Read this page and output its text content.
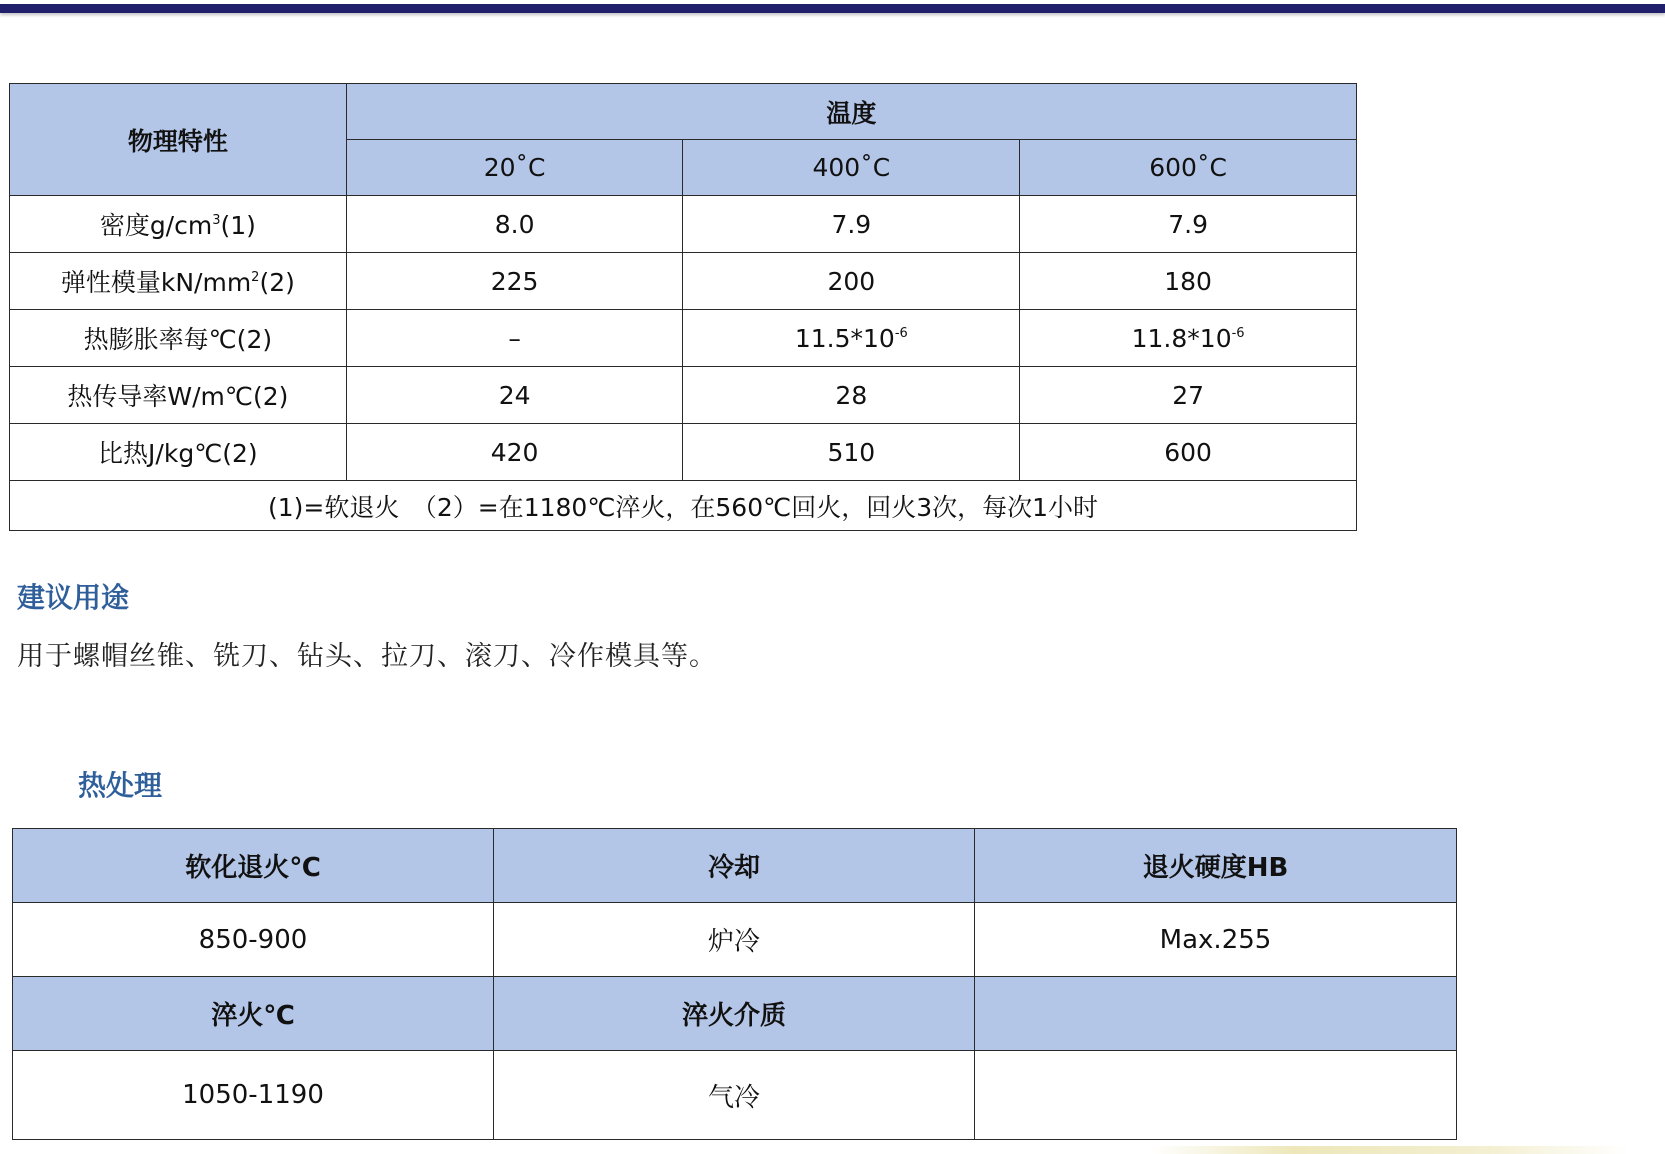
物理特性	温度		
	20˚C	400˚C	600˚C
密度$g/cm^3(1)$	8.0	7.9	7.9
弹性模量$kN/mm^2(2)$	225	200	180
热膨胀率每℃(2)	–	$11.5*10^{-6}$	$11.8*10^{-6}$
热传导率W/m℃(2)	24	28	27
比热J/kg℃(2)	420	510	600
(1)=软退火　（2）=在1180℃淬火，在560℃回火，回火3次，每次1小时			
建议用途
用于螺帽丝锥、铣刀、钻头、拉刀、滚刀、冷作模具等。
热处理
软化退火℃	冷却	退火硬度HB
850-900	炉冷	Max.255
淬火℃	淬火介质	
1050-1190	气冷	
